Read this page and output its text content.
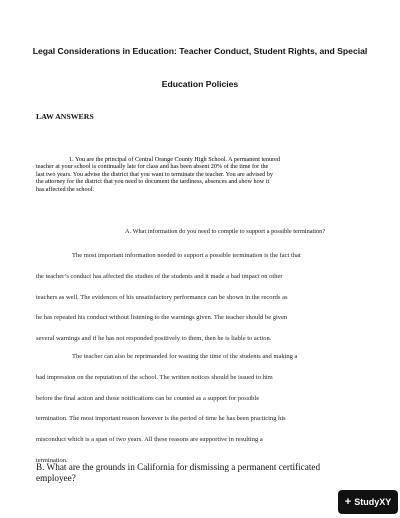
Legal Considerations in Education: Teacher Conduct, Student Rights, and Special
Education Policies
LAW ANSWERS
1. You are the principal of Central Orange County High School. A permanent tenured
teacher at your school is continually late for class and has been absent 20% of the time for the
last two years. You advise the district that you want to terminate the teacher. You are advised by
the attorney for the district that you need to document the tardiness, absences and show how it
has affected the school.
A. What information do you need to compile to support a possible termination?
The most important information needed to support a possible termination is the fact that
the teacher’s conduct has affected the studies of the students and it made a bad impact on other
teachers as well. The evidences of his unsatisfactory performance can be shown in the records as
he has repeated his conduct without listening to the warnings given. The teacher should be given
several warnings and if he has not responded positively to them, then he is liable to action.
The teacher can also be reprimanded for wasting the time of the students and making a
bad impression on the reputation of the school. The written notices should be issued to him
before the final action and those notifications can be counted as a support for possible
termination. The most important reason however is the period of time he has been practicing his
misconduct which is a span of two years. All these reasons are supportive in resulting a
termination.
B. What are the grounds in California for dismissing a permanent certificated
employee?
+ StudyXY
